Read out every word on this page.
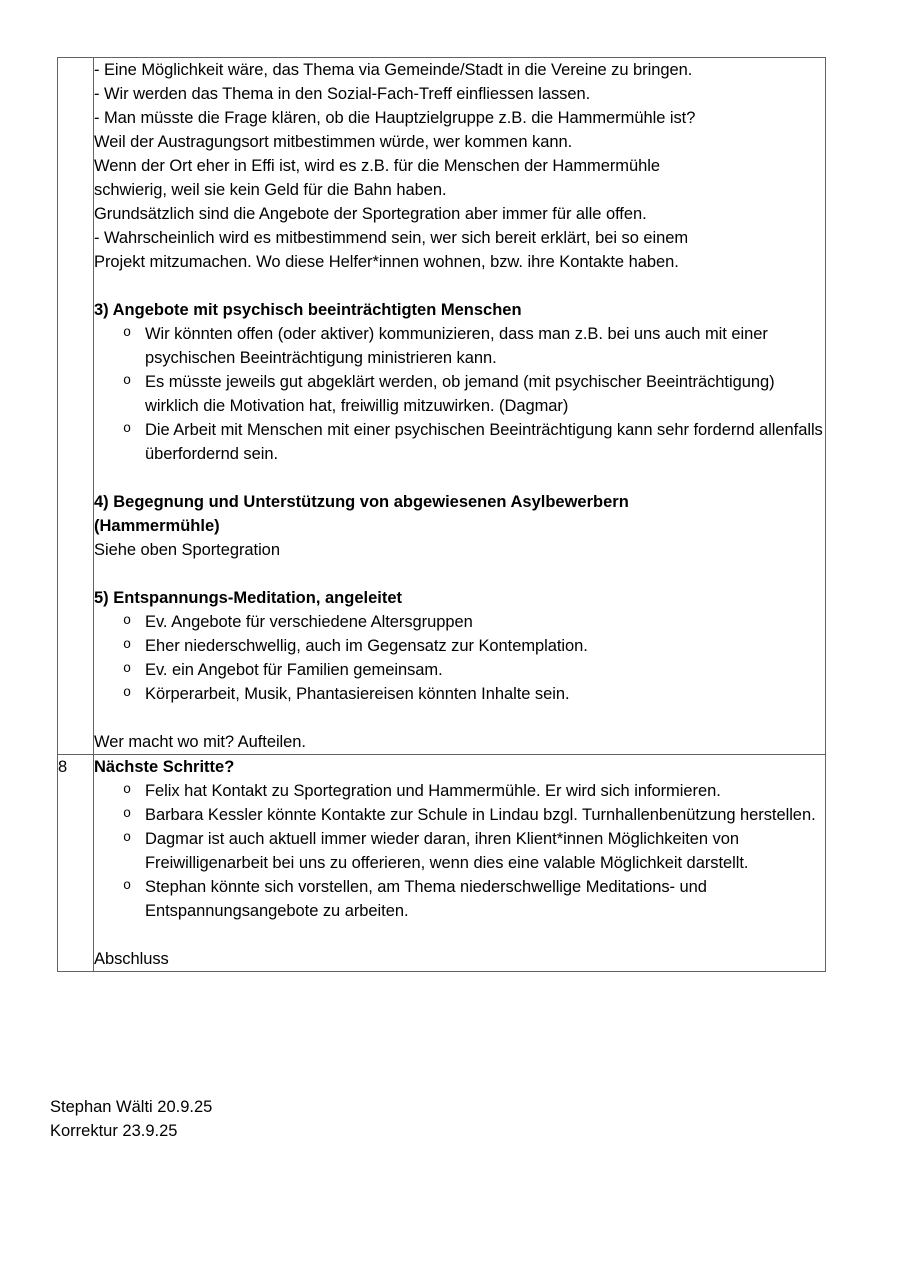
- Eine Möglichkeit wäre, das Thema via Gemeinde/Stadt in die Vereine zu bringen.

- Wir werden das Thema in den Sozial-Fach-Treff einfliessen lassen.

- Man müsste die Frage klären, ob die Hauptzielgruppe z.B. die Hammermühle ist?

Weil der Austragungsort mitbestimmen würde, wer kommen kann.

Wenn der Ort eher in Effi ist, wird es z.B. für die Menschen der Hammermühle

schwierig, weil sie kein Geld für die Bahn haben.

Grundsätzlich sind die Angebote der Sportegration aber immer für alle offen.

- Wahrscheinlich wird es mitbestimmend sein, wer sich bereit erklärt, bei so einem

Projekt mitzumachen. Wo diese Helfer*innen wohnen, bzw. ihre Kontakte haben.

3) Angebote mit psychisch beeinträchtigten Menschen

o Wir könnten offen (oder aktiver) kommunizieren, dass man z.B. bei uns auch mit einer psychischen Beeinträchtigung ministrieren kann.
o Es müsste jeweils gut abgeklärt werden, ob jemand (mit psychischer Beeinträchtigung) wirklich die Motivation hat, freiwillig mitzuwirken. (Dagmar)
o Die Arbeit mit Menschen mit einer psychischen Beeinträchtigung kann sehr fordernd allenfalls überfordernd sein.

4) Begegnung und Unterstützung von abgewiesenen Asylbewerbern

(Hammermühle)

Siehe oben Sportegration

5) Entspannungs-Meditation, angeleitet

o Ev. Angebote für verschiedene Altersgruppen
o Eher niederschwellig, auch im Gegensatz zur Kontemplation.
o Ev. ein Angebot für Familien gemeinsam.
o Körperarbeit, Musik, Phantasiereisen könnten Inhalte sein.

Wer macht wo mit? Aufteilen.

8	Nächste Schritte?

o Felix hat Kontakt zu Sportegration und Hammermühle. Er wird sich informieren.
o Barbara Kessler könnte Kontakte zur Schule in Lindau bzgl. Turnhallenbenützung herstellen.
o Dagmar ist auch aktuell immer wieder daran, ihren Klient*innen Möglichkeiten von Freiwilligenarbeit bei uns zu offerieren, wenn dies eine valable Möglichkeit darstellt.
o Stephan könnte sich vorstellen, am Thema niederschwellige Meditations- und Entspannungsangebote zu arbeiten.

Abschluss

Stephan Wälti 20.9.25
Korrektur 23.9.25
